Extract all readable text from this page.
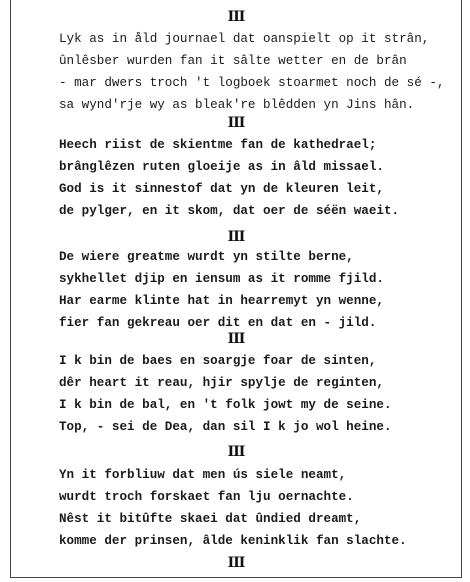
III
Lyk as in åld journael dat oanspielt op it strân,
ûnlêsber wurden fan it sâlte wetter en de brân
- mar dwers troch 't logboek stoarmet noch de sé -,
sa wynd'rje wy as bleak're blêdden yn Jins hân.
III
Heech riist de skientme fan de kathedrael;
brânglêzen ruten gloeije as in âld missael.
God is it sinnestof dat yn de kleuren leit,
de pylger, en it skom, dat oer de séën waeit.
III
De wiere greatme wurdt yn stilte berne,
sykhellet djip en iensum as it romme fjild.
Har earme klinte hat in hearremyt yn wenne,
fier fan gekreau oer dit en dat en - jild.
III
I k bin de baes en soargje foar de sinten,
dêr heart it reau, hjir spylje de reginten,
I k bin de bal, en 't folk jowt my de seine.
Top, - sei de Dea, dan sil I k jo wol heine.
III
Yn it forbliuw dat men ús siele neamt,
wurdt troch forskaet fan lju oernachte.
Nêst it bitûfte skaei dat ûndied dreamt,
komme der prinsen, âlde keninklik fan slachte.
III
